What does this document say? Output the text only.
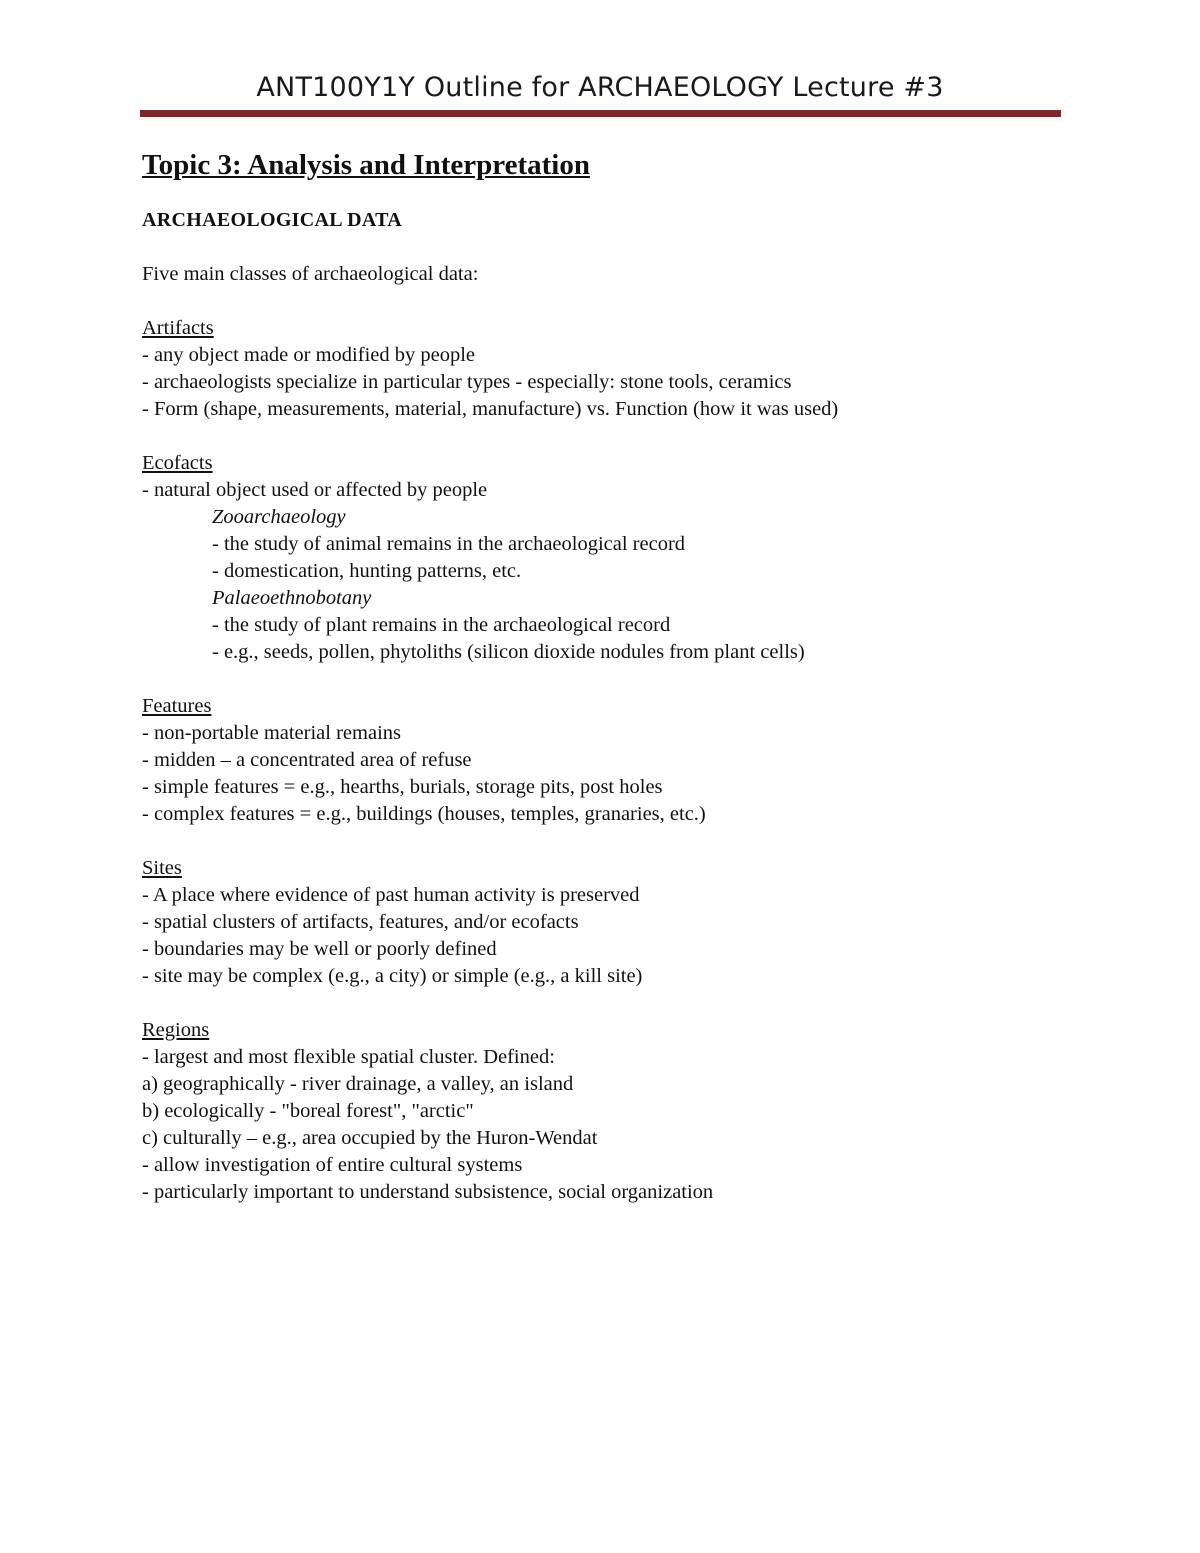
ANT100Y1Y Outline for ARCHAEOLOGY Lecture #3
Topic 3: Analysis and Interpretation
ARCHAEOLOGICAL DATA
Five main classes of archaeological data:
Artifacts
- any object made or modified by people
- archaeologists specialize in particular types - especially: stone tools, ceramics
- Form (shape, measurements, material, manufacture) vs. Function (how it was used)
Ecofacts
- natural object used or affected by people
Zooarchaeology
- the study of animal remains in the archaeological record
- domestication, hunting patterns, etc.
Palaeoethnobotany
- the study of plant remains in the archaeological record
- e.g., seeds, pollen, phytoliths (silicon dioxide nodules from plant cells)
Features
- non-portable material remains
- midden – a concentrated area of refuse
- simple features = e.g., hearths, burials, storage pits, post holes
- complex features = e.g., buildings (houses, temples, granaries, etc.)
Sites
- A place where evidence of past human activity is preserved
- spatial clusters of artifacts, features, and/or ecofacts
- boundaries may be well or poorly defined
- site may be complex (e.g., a city) or simple (e.g., a kill site)
Regions
- largest and most flexible spatial cluster. Defined:
a) geographically - river drainage, a valley, an island
b) ecologically - "boreal forest", "arctic"
c) culturally – e.g., area occupied by the Huron-Wendat
- allow investigation of entire cultural systems
- particularly important to understand subsistence, social organization
